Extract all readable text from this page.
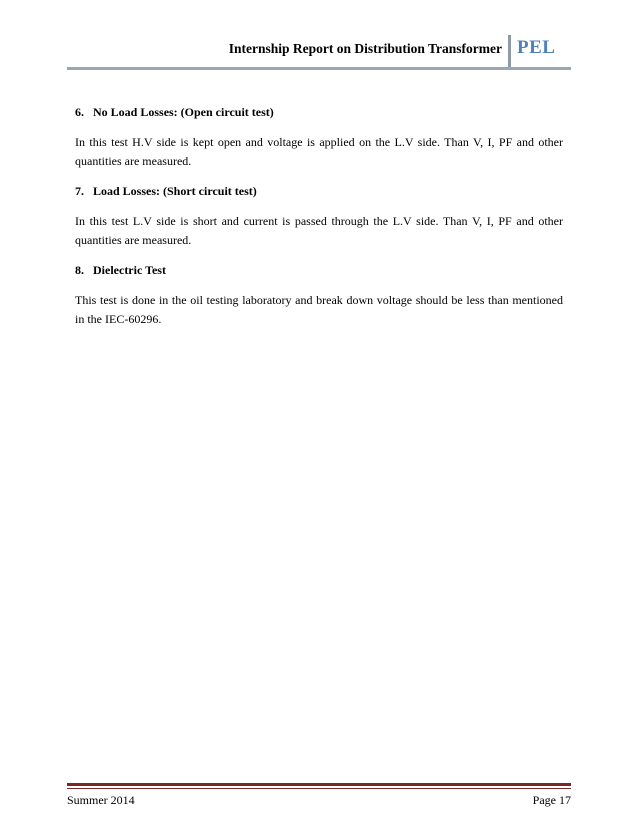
Internship Report on Distribution Transformer PEL
6. No Load Losses: (Open circuit test)

In this test H.V side is kept open and voltage is applied on the L.V side. Than V, I, PF and other quantities are measured.

7. Load Losses: (Short circuit test)

In this test L.V side is short and current is passed through the L.V side. Than V, I, PF and other quantities are measured.

8. Dielectric Test

This test is done in the oil testing laboratory and break down voltage should be less than mentioned in the IEC-60296.

Summer 2014	Page 17
